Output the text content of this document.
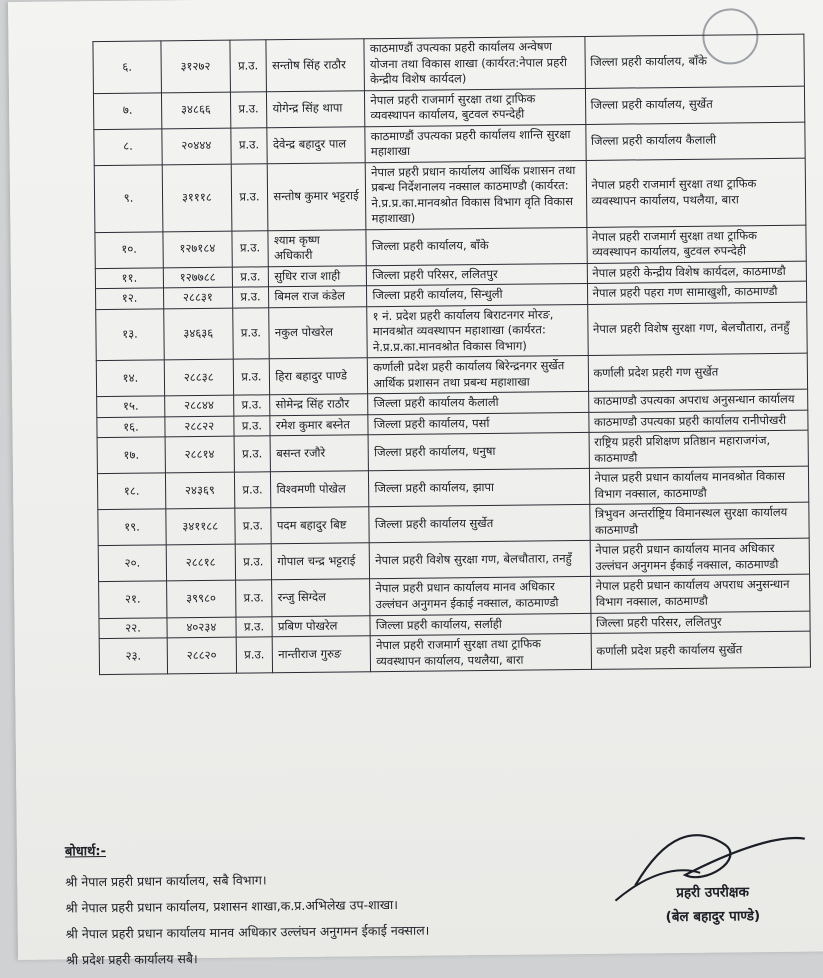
६.	३१२७२	प्र.उ.	सन्तोष सिंह राठौर	काठमाण्डौं उपत्यका प्रहरी कार्यालय अन्वेषण योजना तथा विकास शाखा (कार्यरत:नेपाल प्रहरी केन्द्रीय विशेष कार्यदल)	जिल्ला प्रहरी कार्यालय, बाँके
७.	३४८६६	प्र.उ.	योगेन्द्र सिंह थापा	नेपाल प्रहरी राजमार्ग सुरक्षा तथा ट्राफिक व्यवस्थापन कार्यालय, बुटवल रुपन्देही	जिल्ला प्रहरी कार्यालय, सुर्खेत
८.	२०४४४	प्र.उ.	देवेन्द्र बहादुर पाल	काठमाण्डौं उपत्यका प्रहरी कार्यालय शान्ति सुरक्षा महाशाखा	जिल्ला प्रहरी कार्यालय कैलाली
९.	३१११८	प्र.उ.	सन्तोष कुमार भट्टराई	नेपाल प्रहरी प्रधान कार्यालय आर्थिक प्रशासन तथा प्रबन्ध निर्देशनालय नक्साल काठमाण्डौ (कार्यरत: ने.प्र.प्र.का.मानवश्रोत विकास विभाग वृति विकास महाशाखा)	नेपाल प्रहरी राजमार्ग सुरक्षा तथा ट्राफिक व्यवस्थापन कार्यालय, पथलैया, बारा
१०.	१२७१८४	प्र.उ.	श्याम कृष्ण अधिकारी	जिल्ला प्रहरी कार्यालय, बाँके	नेपाल प्रहरी राजमार्ग सुरक्षा तथा ट्राफिक व्यवस्थापन कार्यालय, बुटवल रुपन्देही
११.	१२७७८८	प्र.उ.	सुधिर राज शाही	जिल्ला प्रहरी परिसर, ललितपुर	नेपाल प्रहरी केन्द्रीय विशेष कार्यदल, काठमाण्डौ
१२.	२८८३१	प्र.उ.	बिमल राज कंडेल	जिल्ला प्रहरी कार्यालय, सिन्धुली	नेपाल प्रहरी पहरा गण सामाखुशी, काठमाण्डौ
१३.	३४६३६	प्र.उ.	नकुल पोखरेल	१ नं. प्रदेश प्रहरी कार्यालय बिराटनगर मोरङ, मानवश्रोत व्यवस्थापन महाशाखा (कार्यरत: ने.प्र.प्र.का.मानवश्रोत विकास विभाग)	नेपाल प्रहरी विशेष सुरक्षा गण, बेलचौतारा, तनहुँ
१४.	२८८३८	प्र.उ.	हिरा बहादुर पाण्डे	कर्णाली प्रदेश प्रहरी कार्यालय बिरेन्द्रनगर सुर्खेत आर्थिक प्रशासन तथा प्रबन्ध महाशाखा	कर्णाली प्रदेश प्रहरी गण सुर्खेत
१५.	२८८४४	प्र.उ.	सोमेन्द्र सिंह राठौर	जिल्ला प्रहरी कार्यालय कैलाली	काठमाण्डौ उपत्यका अपराध अनुसन्धान कार्यालय
१६.	२८८२२	प्र.उ.	रमेश कुमार बस्नेत	जिल्ला प्रहरी कार्यालय, पर्सा	काठमाण्डौ उपत्यका प्रहरी कार्यालय रानीपोखरी
१७.	२८८१४	प्र.उ.	बसन्त रजौरे	जिल्ला प्रहरी कार्यालय, धनुषा	राष्ट्रिय प्रहरी प्रशिक्षण प्रतिष्ठान महाराजगंज, काठमाण्डौ
१८.	२४३६९	प्र.उ.	विश्वमणी पोखेल	जिल्ला प्रहरी कार्यालय, झापा	नेपाल प्रहरी प्रधान कार्यालय मानवश्रोत विकास विभाग नक्साल, काठमाण्डौ
१९.	३४११८८	प्र.उ.	पदम बहादुर बिष्ट	जिल्ला प्रहरी कार्यालय सुर्खेत	त्रिभुवन अन्तर्राष्ट्रिय विमानस्थल सुरक्षा कार्यालय काठमाण्डौ
२०.	२८८१८	प्र.उ.	गोपाल चन्द्र भट्टराई	नेपाल प्रहरी विशेष सुरक्षा गण, बेलचौतारा, तनहुँ	नेपाल प्रहरी प्रधान कार्यालय मानव अधिकार उल्लंघन अनुगमन ईकाई नक्साल, काठमाण्डौ
२१.	३९९८०	प्र.उ.	रन्जु सिग्देल	नेपाल प्रहरी प्रधान कार्यालय मानव अधिकार उल्लंघन अनुगमन ईकाई नक्साल, काठमाण्डौ	नेपाल प्रहरी प्रधान कार्यालय अपराध अनुसन्धान विभाग नक्साल, काठमाण्डौ
२२.	४०२३४	प्र.उ.	प्रबिण पोखरेल	जिल्ला प्रहरी कार्यालय, सर्लाही	जिल्ला प्रहरी परिसर, ललितपुर
२३.	२८८२०	प्र.उ.	नान्तीराज गुरुङ	नेपाल प्रहरी राजमार्ग सुरक्षा तथा ट्राफिक व्यवस्थापन कार्यालय, पथलैया, बारा	कर्णाली प्रदेश प्रहरी कार्यालय सुर्खेत
बोधार्थ:-
श्री नेपाल प्रहरी प्रधान कार्यालय, सबै विभाग।
श्री नेपाल प्रहरी प्रधान कार्यालय, प्रशासन शाखा,क.प्र.अभिलेख उप-शाखा।
श्री नेपाल प्रहरी प्रधान कार्यालय मानव अधिकार उल्लंघन अनुगमन ईकाई नक्साल।
श्री प्रदेश प्रहरी कार्यालय सबै।
प्रहरी उपरीक्षक
(बेल बहादुर पाण्डे)
